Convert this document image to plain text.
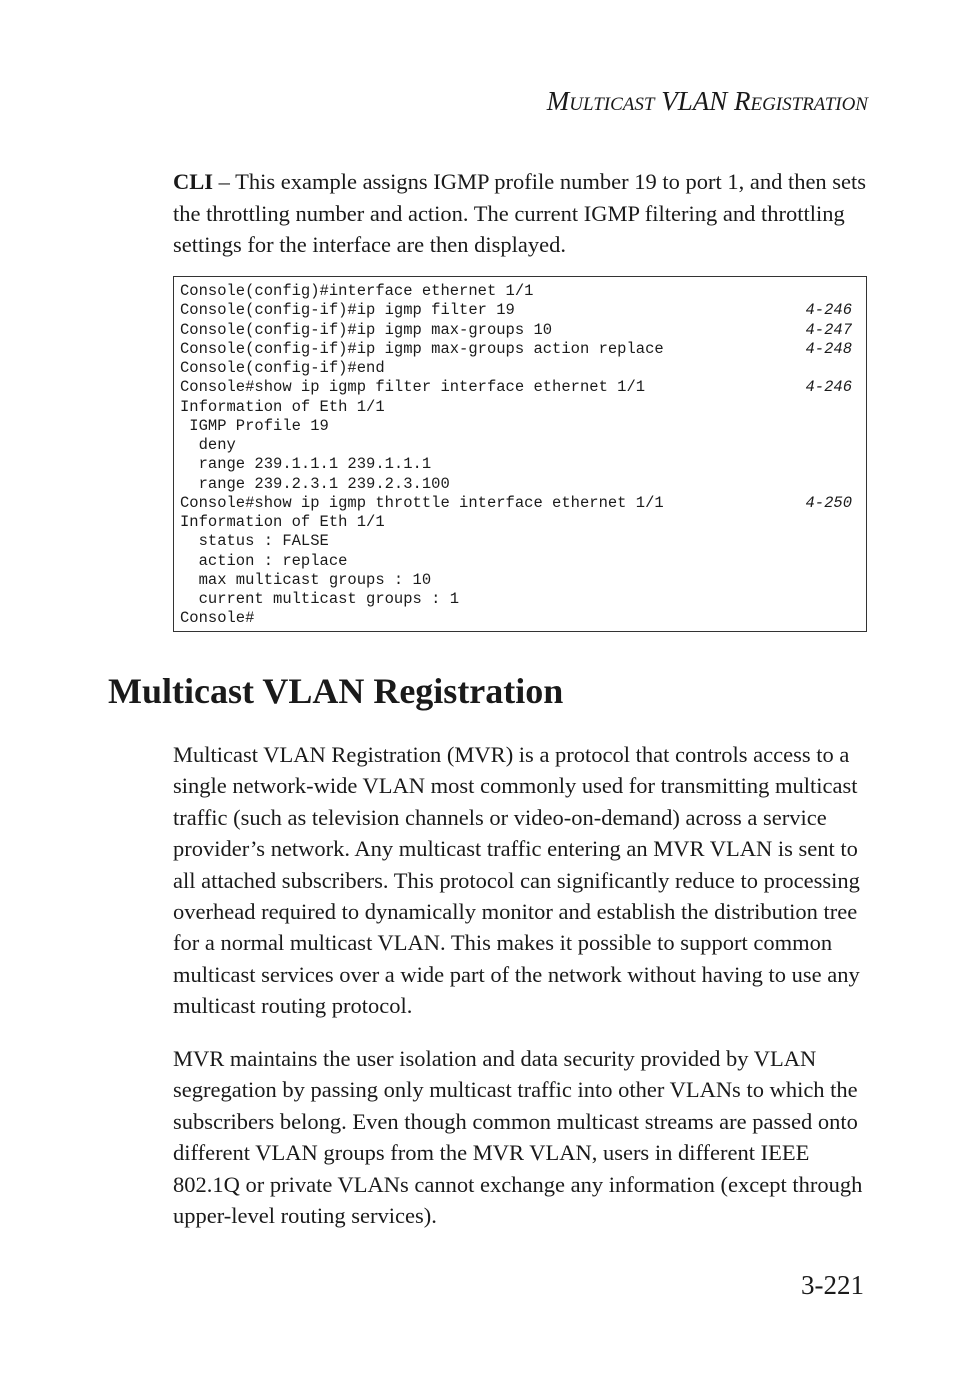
MULTICAST VLAN REGISTRATION

CLI – This example assigns IGMP profile number 19 to port 1, and then sets the throttling number and action. The current IGMP filtering and throttling settings for the interface are then displayed.

Console(config)#interface ethernet 1/1
Console(config-if)#ip igmp filter 19	4-246
Console(config-if)#ip igmp max-groups 10	4-247
Console(config-if)#ip igmp max-groups action replace	4-248
Console(config-if)#end
Console#show ip igmp filter interface ethernet 1/1	4-246
Information of Eth 1/1
IGMP Profile 19
deny
range 239.1.1.1 239.1.1.1
range 239.2.3.1 239.2.3.100
Console#show ip igmp throttle interface ethernet 1/1	4-250
Information of Eth 1/1
status : FALSE
action : replace
max multicast groups : 10
current multicast groups : 1
Console#
Multicast VLAN Registration

Multicast VLAN Registration (MVR) is a protocol that controls access to a single network-wide VLAN most commonly used for transmitting multicast traffic (such as television channels or video-on-demand) across a service provider’s network. Any multicast traffic entering an MVR VLAN is sent to all attached subscribers. This protocol can significantly reduce to processing overhead required to dynamically monitor and establish the distribution tree for a normal multicast VLAN. This makes it possible to support common multicast services over a wide part of the network without having to use any multicast routing protocol.

MVR maintains the user isolation and data security provided by VLAN segregation by passing only multicast traffic into other VLANs to which the subscribers belong. Even though common multicast streams are passed onto different VLAN groups from the MVR VLAN, users in different IEEE 802.1Q or private VLANs cannot exchange any information (except through upper-level routing services).

3-221
